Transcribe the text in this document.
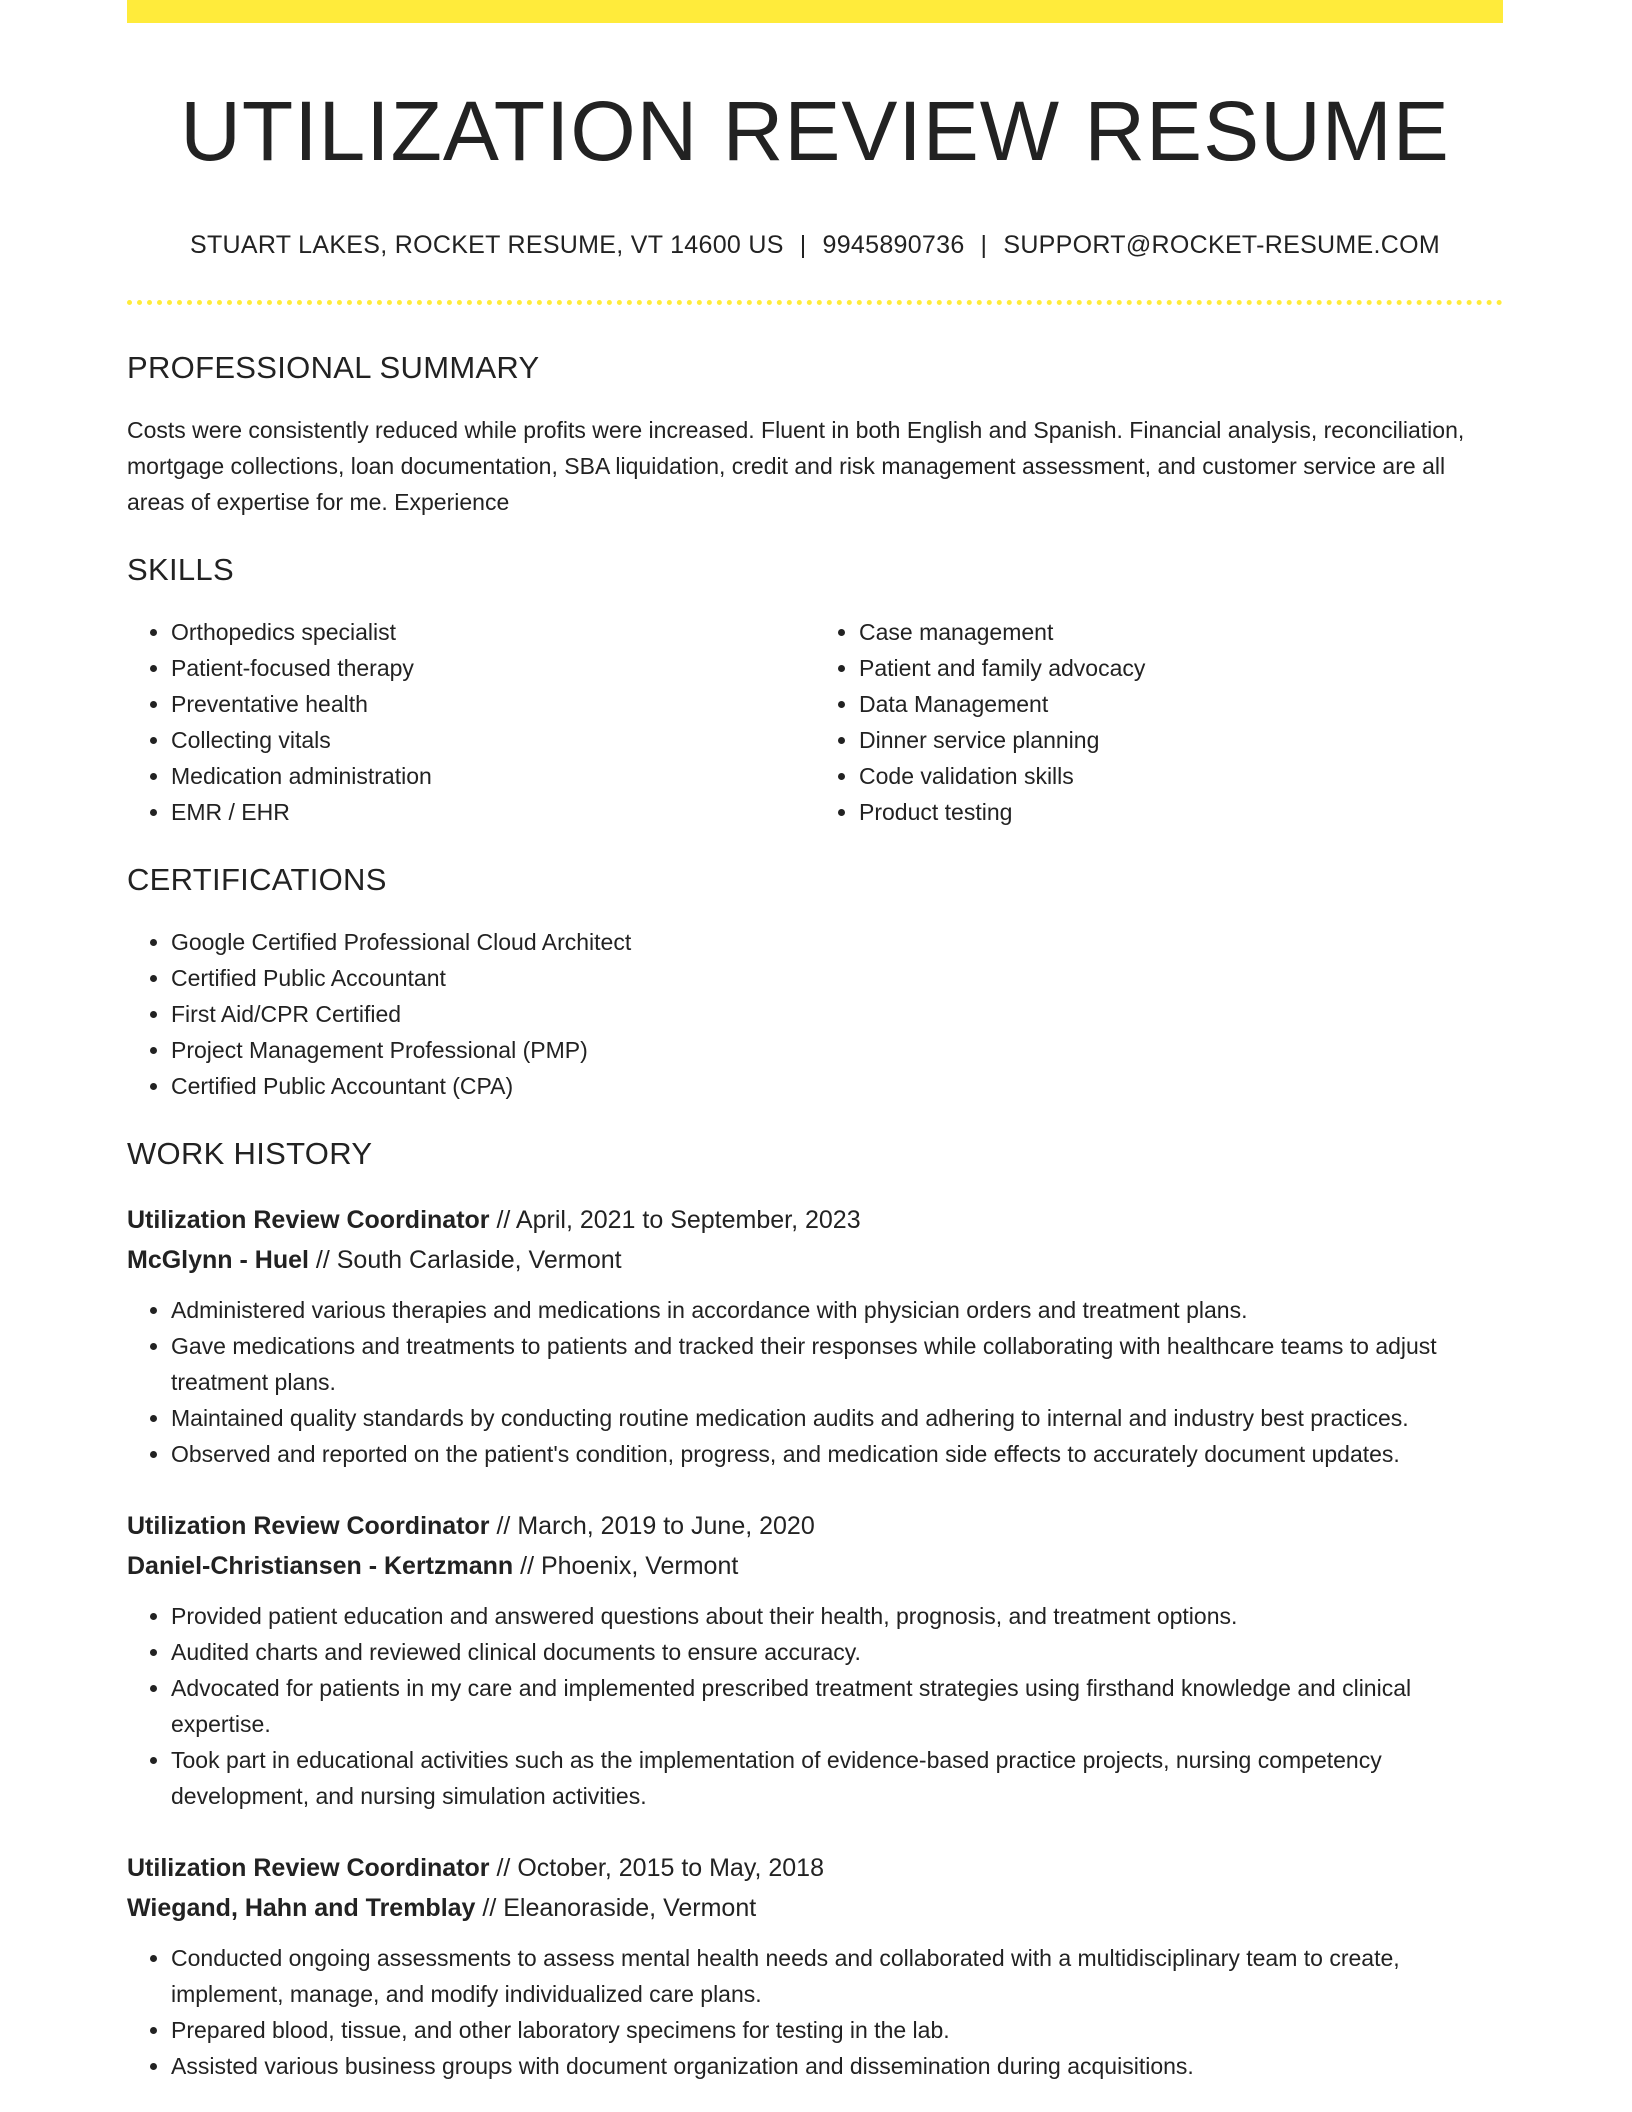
UTILIZATION REVIEW RESUME
STUART LAKES, ROCKET RESUME, VT 14600 US | 9945890736 | SUPPORT@ROCKET-RESUME.COM
PROFESSIONAL SUMMARY

Costs were consistently reduced while profits were increased. Fluent in both English and Spanish. Financial analysis, reconciliation, mortgage collections, loan documentation, SBA liquidation, credit and risk management assessment, and customer service are all areas of expertise for me. Experience

SKILLS
• Orthopedics specialist
• Patient-focused therapy
• Preventative health
• Collecting vitals
• Medication administration
• EMR / EHR
• Case management
• Patient and family advocacy
• Data Management
• Dinner service planning
• Code validation skills
• Product testing
CERTIFICATIONS
• Google Certified Professional Cloud Architect
• Certified Public Accountant
• First Aid/CPR Certified
• Project Management Professional (PMP)
• Certified Public Accountant (CPA)
WORK HISTORY
Utilization Review Coordinator // April, 2021 to September, 2023
McGlynn - Huel // South Carlaside, Vermont
• Administered various therapies and medications in accordance with physician orders and treatment plans.
• Gave medications and treatments to patients and tracked their responses while collaborating with healthcare teams to adjust treatment plans.
• Maintained quality standards by conducting routine medication audits and adhering to internal and industry best practices.
• Observed and reported on the patient's condition, progress, and medication side effects to accurately document updates.
Utilization Review Coordinator // March, 2019 to June, 2020
Daniel-Christiansen - Kertzmann // Phoenix, Vermont
• Provided patient education and answered questions about their health, prognosis, and treatment options.
• Audited charts and reviewed clinical documents to ensure accuracy.
• Advocated for patients in my care and implemented prescribed treatment strategies using firsthand knowledge and clinical expertise.
• Took part in educational activities such as the implementation of evidence-based practice projects, nursing competency development, and nursing simulation activities.
Utilization Review Coordinator // October, 2015 to May, 2018
Wiegand, Hahn and Tremblay // Eleanoraside, Vermont
• Conducted ongoing assessments to assess mental health needs and collaborated with a multidisciplinary team to create, implement, manage, and modify individualized care plans.
• Prepared blood, tissue, and other laboratory specimens for testing in the lab.
• Assisted various business groups with document organization and dissemination during acquisitions.
